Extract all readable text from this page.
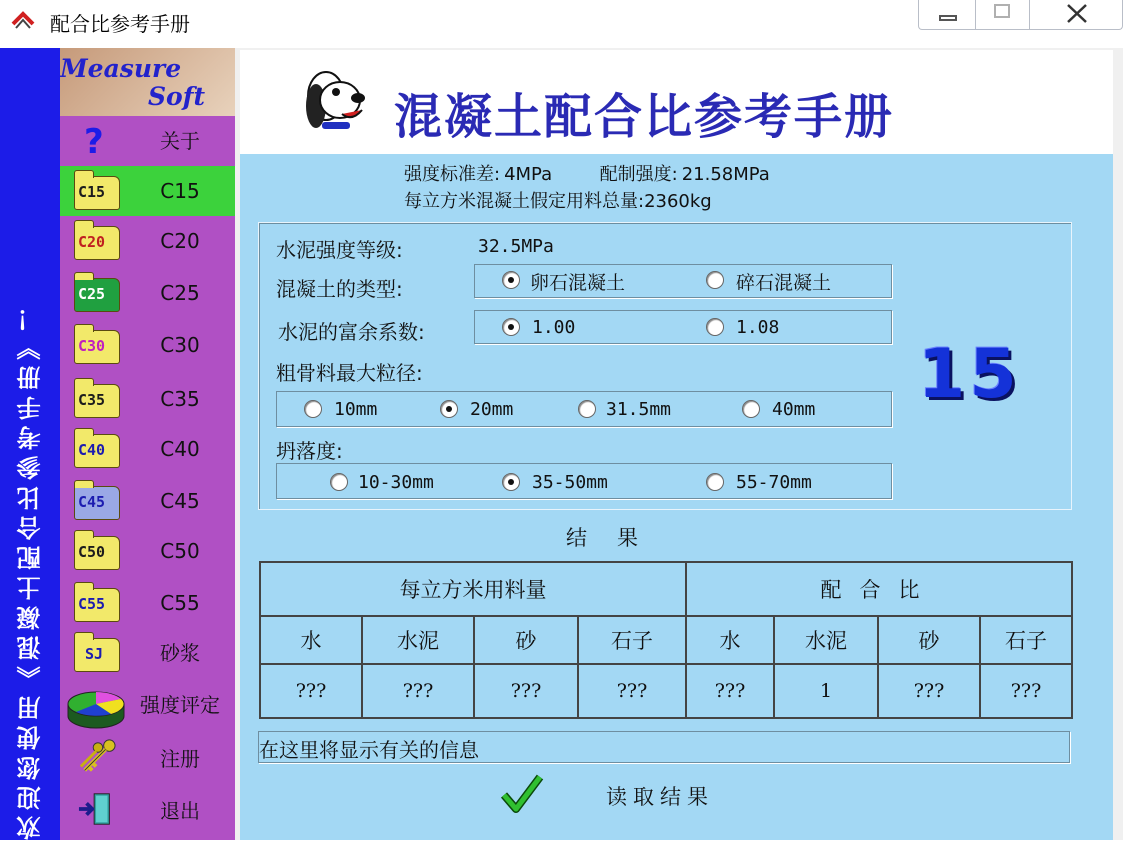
配合比参考手册
欢迎您使用《混凝土配合比参考手册》！
Measure
Soft
?	关于
C15	C15
C20	C20
C25	C25
C30	C30
C35	C35
C40	C40
C45	C45
C50	C50
C55	C55
SJ	砂浆
强度评定
注册
退出
混凝土配合比参考手册
强度标准差: 4MPa	配制强度: 21.58MPa
每立方米混凝土假定用料总量:2360kg
水泥强度等级:	32.5MPa
混凝土的类型:	卵石混凝土	碎石混凝土
水泥的富余系数:	1.00	1.08
粗骨料最大粒径:
10mm	20mm	31.5mm	40mm
坍落度:
10-30mm	35-50mm	55-70mm
15
结果
每立方米用料量				配合比			
水	水泥	砂	石子	水	水泥	砂	石子
???	???	???	???	???	1	???	???
在这里将显示有关的信息
读取结果
